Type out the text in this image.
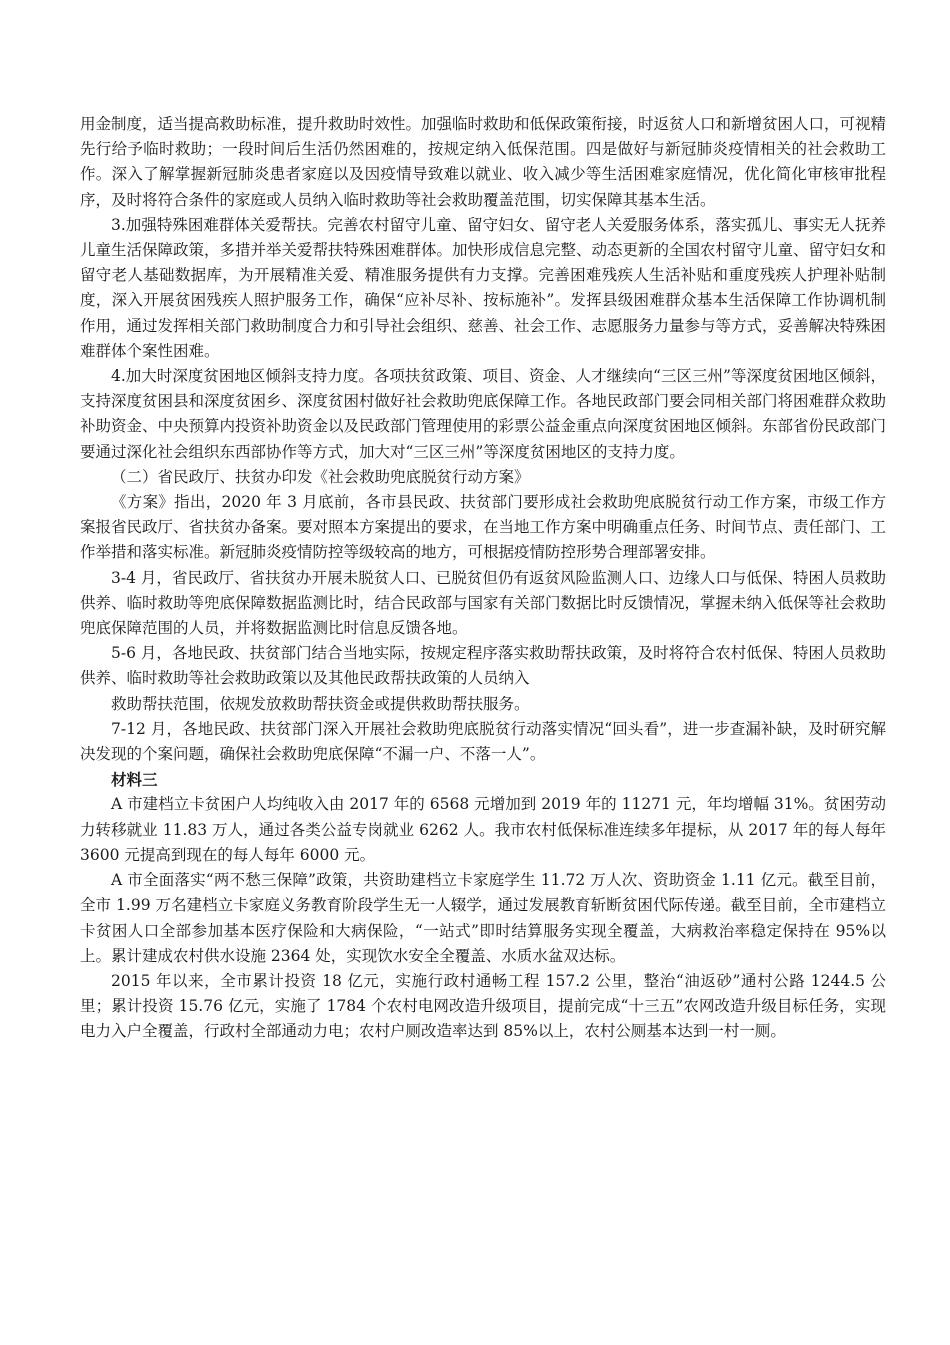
用金制度，适当提高救助标准，提升救助时效性。加强临时救助和低保政策衔接，时返贫人口和新增贫困人口，可视精先行给予临时救助；一段时间后生活仍然困难的，按规定纳入低保范围。四是做好与新冠肺炎疫情相关的社会救助工作。深入了解掌握新冠肺炎患者家庭以及因疫情导致难以就业、收入减少等生活困难家庭情况，优化简化审核审批程序，及时将符合条件的家庭或人员纳入临时救助等社会救助覆盖范围，切实保障其基本生活。

3.加强特殊困难群体关爱帮扶。完善农村留守儿童、留守妇女、留守老人关爱服务体系，落实孤儿、事实无人抚养儿童生活保障政策，多措并举关爱帮扶特殊困难群体。加快形成信息完整、动态更新的全国农村留守儿童、留守妇女和留守老人基础数据库，为开展精准关爱、精准服务提供有力支撑。完善困难残疾人生活补贴和重度残疾人护理补贴制度，深入开展贫困残疾人照护服务工作，确保“应补尽补、按标施补”。发挥县级困难群众基本生活保障工作协调机制作用，通过发挥相关部门救助制度合力和引导社会组织、慈善、社会工作、志愿服务力量参与等方式，妥善解决特殊困难群体个案性困难。

4.加大时深度贫困地区倾斜支持力度。各项扶贫政策、项目、资金、人才继续向“三区三州”等深度贫困地区倾斜，支持深度贫困县和深度贫困乡、深度贫困村做好社会救助兜底保障工作。各地民政部门要会同相关部门将困难群众救助补助资金、中央预算内投资补助资金以及民政部门管理使用的彩票公益金重点向深度贫困地区倾斜。东部省份民政部门要通过深化社会组织东西部协作等方式，加大对“三区三州”等深度贫困地区的支持力度。

（二）省民政厅、扶贫办印发《社会救助兜底脱贫行动方案》

《方案》指出，2020 年 3 月底前，各市县民政、扶贫部门要形成社会救助兜底脱贫行动工作方案，市级工作方案报省民政厅、省扶贫办备案。要对照本方案提出的要求，在当地工作方案中明确重点任务、时间节点、责任部门、工作举措和落实标准。新冠肺炎疫情防控等级较高的地方，可根据疫情防控形势合理部署安排。

3-4 月，省民政厅、省扶贫办开展未脱贫人口、已脱贫但仍有返贫风险监测人口、边缘人口与低保、特困人员救助供养、临时救助等兜底保障数据监测比时，结合民政部与国家有关部门数据比时反馈情况，掌握未纳入低保等社会救助兜底保障范围的人员，并将数据监测比时信息反馈各地。

5-6 月，各地民政、扶贫部门结合当地实际，按规定程序落实救助帮扶政策，及时将符合农村低保、特困人员救助供养、临时救助等社会救助政策以及其他民政帮扶政策的人员纳入

救助帮扶范围，依规发放救助帮扶资金或提供救助帮扶服务。

7-12 月，各地民政、扶贫部门深入开展社会救助兜底脱贫行动落实情况“回头看”，进一步查漏补缺，及时研究解决发现的个案问题，确保社会救助兜底保障“不漏一户、不落一人”。

材料三

A 市建档立卡贫困户人均纯收入由 2017 年的 6568 元增加到 2019 年的 11271 元，年均增幅 31%。贫困劳动力转移就业 11.83 万人，通过各类公益专岗就业 6262 人。我市农村低保标准连续多年提标，从 2017 年的每人每年 3600 元提高到现在的每人每年 6000 元。

A 市全面落实“两不愁三保障”政策，共资助建档立卡家庭学生 11.72 万人次、资助资金 1.11 亿元。截至目前，全市 1.99 万名建档立卡家庭义务教育阶段学生无一人辍学，通过发展教育斩断贫困代际传递。截至目前，全市建档立卡贫困人口全部参加基本医疗保险和大病保险，“一站式”即时结算服务实现全覆盖，大病救治率稳定保持在 95%以上。累计建成农村供水设施 2364 处，实现饮水安全全覆盖、水质水盆双达标。

2015 年以来，全市累计投资 18 亿元，实施行政村通畅工程 157.2 公里，整治“油返砂”通村公路 1244.5 公里；累计投资 15.76 亿元，实施了 1784 个农村电网改造升级项目，提前完成“十三五”农网改造升级目标任务，实现电力入户全覆盖，行政村全部通动力电；农村户厕改造率达到 85%以上，农村公厕基本达到一村一厕。
